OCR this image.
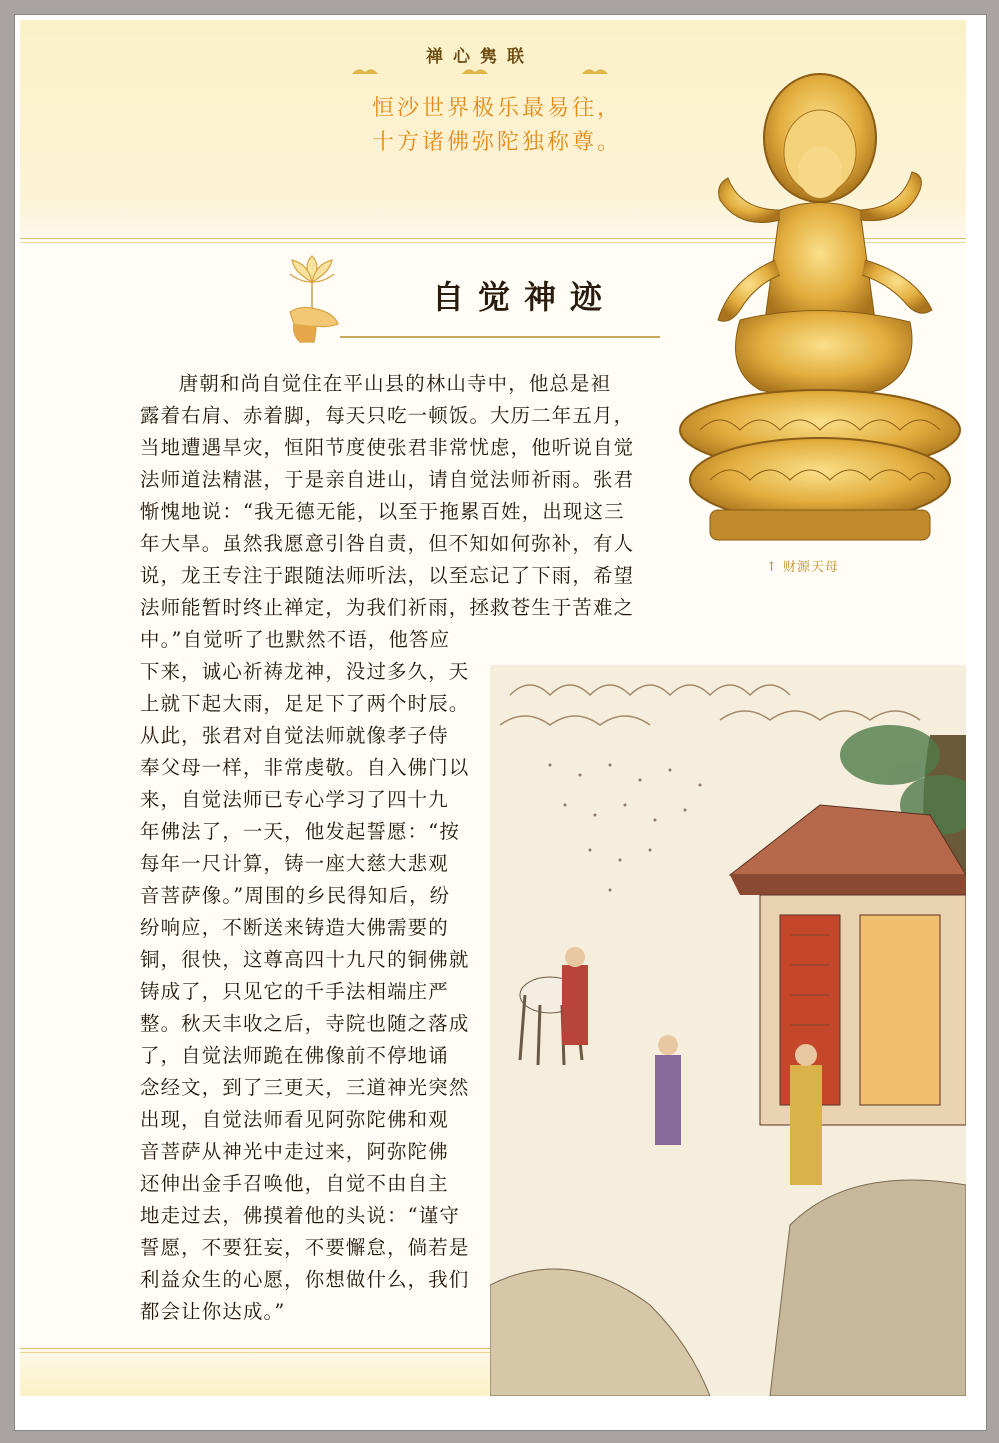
禅心隽联
恒沙世界极乐最易往，
十方诸佛弥陀独称尊。
自觉神迹
↑ 财源天母
唐朝和尚自觉住在平山县的林山寺中，他总是袒
露着右肩、赤着脚，每天只吃一顿饭。大历二年五月，
当地遭遇旱灾，恒阳节度使张君非常忧虑，他听说自觉
法师道法精湛，于是亲自进山，请自觉法师祈雨。张君
惭愧地说：“我无德无能，以至于拖累百姓，出现这三
年大旱。虽然我愿意引咎自责，但不知如何弥补，有人
说，龙王专注于跟随法师听法，以至忘记了下雨，希望
法师能暂时终止禅定，为我们祈雨，拯救苍生于苦难之
中。”自觉听了也默然不语，他答应
下来，诚心祈祷龙神，没过多久，天
上就下起大雨，足足下了两个时辰。
从此，张君对自觉法师就像孝子侍
奉父母一样，非常虔敬。自入佛门以
来，自觉法师已专心学习了四十九
年佛法了，一天，他发起誓愿：“按
每年一尺计算，铸一座大慈大悲观
音菩萨像。”周围的乡民得知后，纷
纷响应，不断送来铸造大佛需要的
铜，很快，这尊高四十九尺的铜佛就
铸成了，只见它的千手法相端庄严
整。秋天丰收之后，寺院也随之落成
了，自觉法师跪在佛像前不停地诵
念经文，到了三更天，三道神光突然
出现，自觉法师看见阿弥陀佛和观
音菩萨从神光中走过来，阿弥陀佛
还伸出金手召唤他，自觉不由自主
地走过去，佛摸着他的头说：“谨守
誓愿，不要狂妄，不要懈怠，倘若是
利益众生的心愿，你想做什么，我们
都会让你达成。”
